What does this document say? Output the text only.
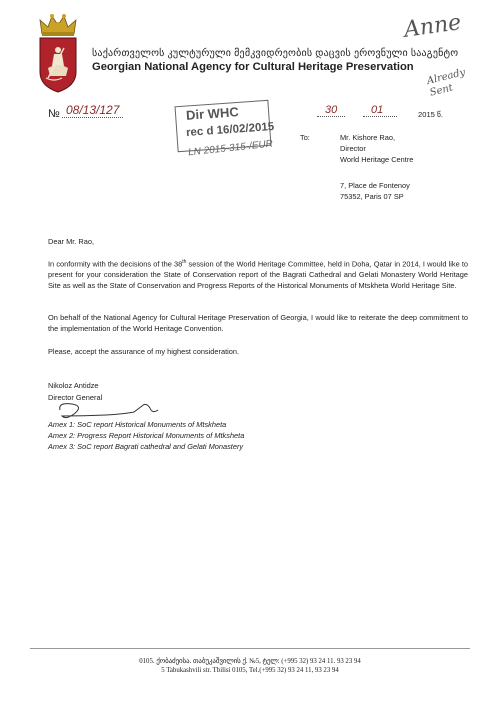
საქართველოს კულტურული მემკვიდრეობის დაცვის ეროვნული სააგენტო
Georgian National Agency for Cultural Heritage Preservation
Anne
Already Sent
№ 08/13/127	Dir WHC
rec d 16/02/2015
LN 2015-315-/EUR
30	01	2015 წ.
To:	Mr. Kishore Rao,
Director
World Heritage Centre
7, Place de Fontenoy
75352, Paris 07 SP
Dear Mr. Rao,
In conformity with the decisions of the 38th session of the World Heritage Committee, held in Doha, Qatar in 2014, I would like to present for your consideration the State of Conservation report of the Bagrati Cathedral and Gelati Monastery World Heritage Site as well as the State of Conservation and Progress Reports of the Historical Monuments of Mtskheta World Heritage Site.
On behalf of the National Agency for Cultural Heritage Preservation of Georgia, I would like to reiterate the deep commitment to the implementation of the World Heritage Convention.
Please, accept the assurance of my highest consideration.
Nikoloz Antidze
Director General
Amex 1: SoC report Historical Monuments of Mtskheta
Amex 2: Progress Report Historical Monuments of Mtksheta
Amex 3: SoC report Bagrati cathedral and Gelati Monastery
0105. ქობაძეისა. თაბუკაშვილის ქ. №5, ტელ: (+995 32) 93 24 11. 93 23 94
5 Tabukashvili str. Tbilisi 0105, Tel.(+995 32) 93 24 11, 93 23 94
